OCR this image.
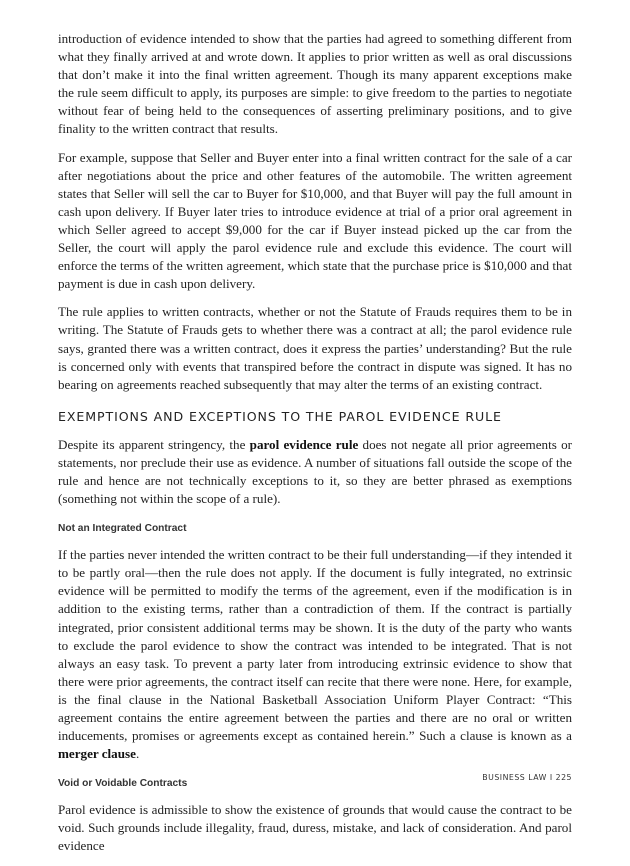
introduction of evidence intended to show that the parties had agreed to something different from what they finally arrived at and wrote down. It applies to prior written as well as oral discussions that don’t make it into the final written agreement. Though its many apparent exceptions make the rule seem difficult to apply, its purposes are simple: to give freedom to the parties to negotiate without fear of being held to the consequences of asserting preliminary positions, and to give finality to the written contract that results.

For example, suppose that Seller and Buyer enter into a final written contract for the sale of a car after negotiations about the price and other features of the automobile. The written agreement states that Seller will sell the car to Buyer for $10,000, and that Buyer will pay the full amount in cash upon delivery. If Buyer later tries to introduce evidence at trial of a prior oral agreement in which Seller agreed to accept $9,000 for the car if Buyer instead picked up the car from the Seller, the court will apply the parol evidence rule and exclude this evidence. The court will enforce the terms of the written agreement, which state that the purchase price is $10,000 and that payment is due in cash upon delivery.

The rule applies to written contracts, whether or not the Statute of Frauds requires them to be in writing. The Statute of Frauds gets to whether there was a contract at all; the parol evidence rule says, granted there was a written contract, does it express the parties’ understanding? But the rule is concerned only with events that transpired before the contract in dispute was signed. It has no bearing on agreements reached subsequently that may alter the terms of an existing contract.

EXEMPTIONS AND EXCEPTIONS TO THE PAROL EVIDENCE RULE

Despite its apparent stringency, the parol evidence rule does not negate all prior agreements or statements, nor preclude their use as evidence. A number of situations fall outside the scope of the rule and hence are not technically exceptions to it, so they are better phrased as exemptions (something not within the scope of a rule).

Not an Integrated Contract

If the parties never intended the written contract to be their full understanding—if they intended it to be partly oral—then the rule does not apply. If the document is fully integrated, no extrinsic evidence will be permitted to modify the terms of the agreement, even if the modification is in addition to the existing terms, rather than a contradiction of them. If the contract is partially integrated, prior consistent additional terms may be shown. It is the duty of the party who wants to exclude the parol evidence to show the contract was intended to be integrated. That is not always an easy task. To prevent a party later from introducing extrinsic evidence to show that there were prior agreements, the contract itself can recite that there were none. Here, for example, is the final clause in the National Basketball Association Uniform Player Contract: “This agreement contains the entire agreement between the parties and there are no oral or written inducements, promises or agreements except as contained herein.” Such a clause is known as a merger clause.

Void or Voidable Contracts

Parol evidence is admissible to show the existence of grounds that would cause the contract to be void. Such grounds include illegality, fraud, duress, mistake, and lack of consideration. And parol evidence

BUSINESS LAW I 225
